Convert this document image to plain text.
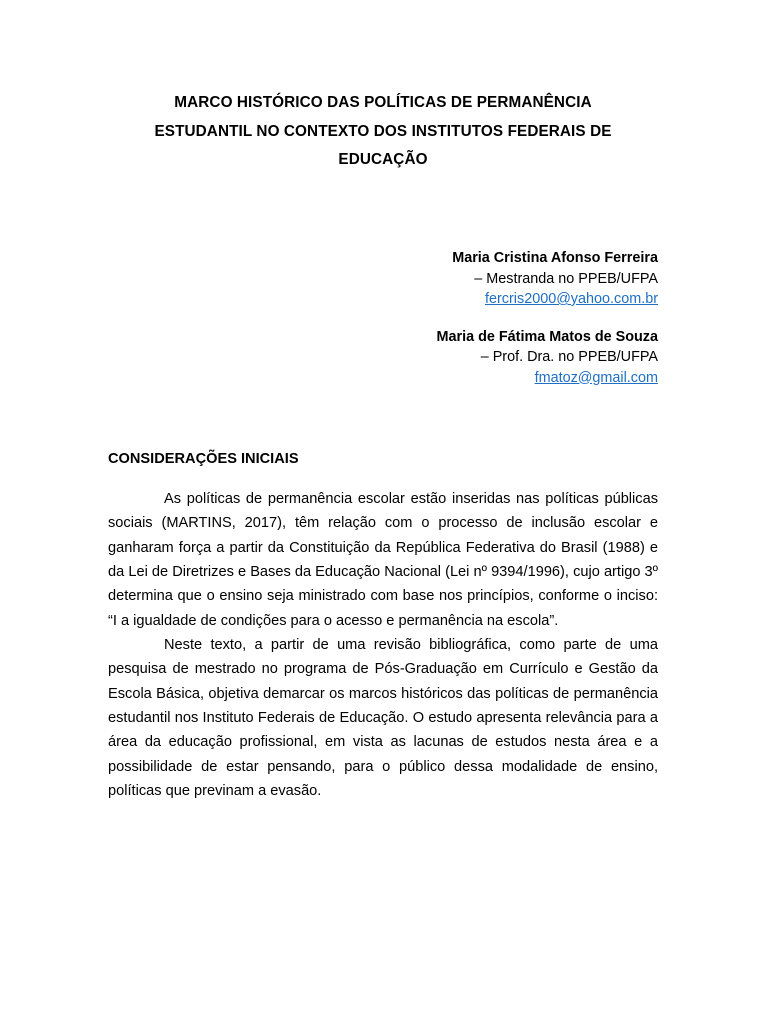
MARCO HISTÓRICO DAS POLÍTICAS DE PERMANÊNCIA
ESTUDANTIL NO CONTEXTO DOS INSTITUTOS FEDERAIS DE
EDUCAÇÃO
Maria Cristina Afonso Ferreira
– Mestranda no PPEB/UFPA
fercris2000@yahoo.com.br
Maria de Fátima Matos de Souza
– Prof. Dra. no PPEB/UFPA
fmatoz@gmail.com
CONSIDERAÇÕES INICIAIS

As políticas de permanência escolar estão inseridas nas políticas públicas sociais (MARTINS, 2017), têm relação com o processo de inclusão escolar e ganharam força a partir da Constituição da República Federativa do Brasil (1988) e da Lei de Diretrizes e Bases da Educação Nacional (Lei nº 9394/1996), cujo artigo 3º determina que o ensino seja ministrado com base nos princípios, conforme o inciso: “I a igualdade de condições para o acesso e permanência na escola”.

Neste texto, a partir de uma revisão bibliográfica, como parte de uma pesquisa de mestrado no programa de Pós-Graduação em Currículo e Gestão da Escola Básica, objetiva demarcar os marcos históricos das políticas de permanência estudantil nos Instituto Federais de Educação. O estudo apresenta relevância para a área da educação profissional, em vista as lacunas de estudos nesta área e a possibilidade de estar pensando, para o público dessa modalidade de ensino, políticas que previnam a evasão.
